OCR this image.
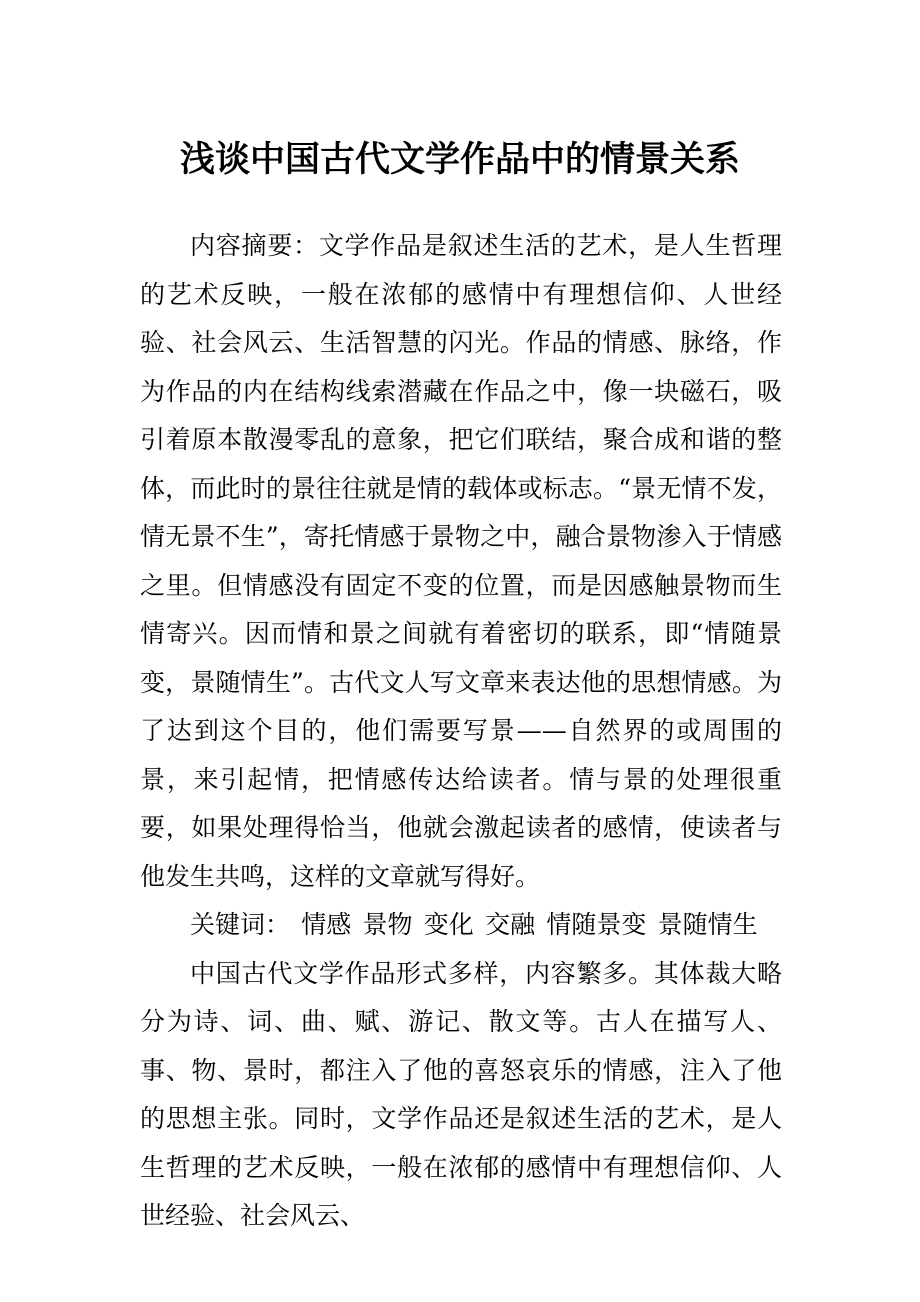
浅谈中国古代文学作品中的情景关系

内容摘要：文学作品是叙述生活的艺术，是人生哲理的艺术反映，一般在浓郁的感情中有理想信仰、人世经验、社会风云、生活智慧的闪光。作品的情感、脉络，作为作品的内在结构线索潜藏在作品之中，像一块磁石，吸引着原本散漫零乱的意象，把它们联结，聚合成和谐的整体，而此时的景往往就是情的载体或标志。“景无情不发，情无景不生”，寄托情感于景物之中，融合景物渗入于情感之里。但情感没有固定不变的位置，而是因感触景物而生情寄兴。因而情和景之间就有着密切的联系，即“情随景变，景随情生”。古代文人写文章来表达他的思想情感。为了达到这个目的，他们需要写景——自然界的或周围的景，来引起情，把情感传达给读者。情与景的处理很重要，如果处理得恰当，他就会激起读者的感情，使读者与他发生共鸣，这样的文章就写得好。

关键词： 情感 景物 变化 交融 情随景变 景随情生

中国古代文学作品形式多样，内容繁多。其体裁大略分为诗、词、曲、赋、游记、散文等。古人在描写人、事、物、景时，都注入了他的喜怒哀乐的情感，注入了他的思想主张。同时，文学作品还是叙述生活的艺术，是人生哲理的艺术反映，一般在浓郁的感情中有理想信仰、人世经验、社会风云、
